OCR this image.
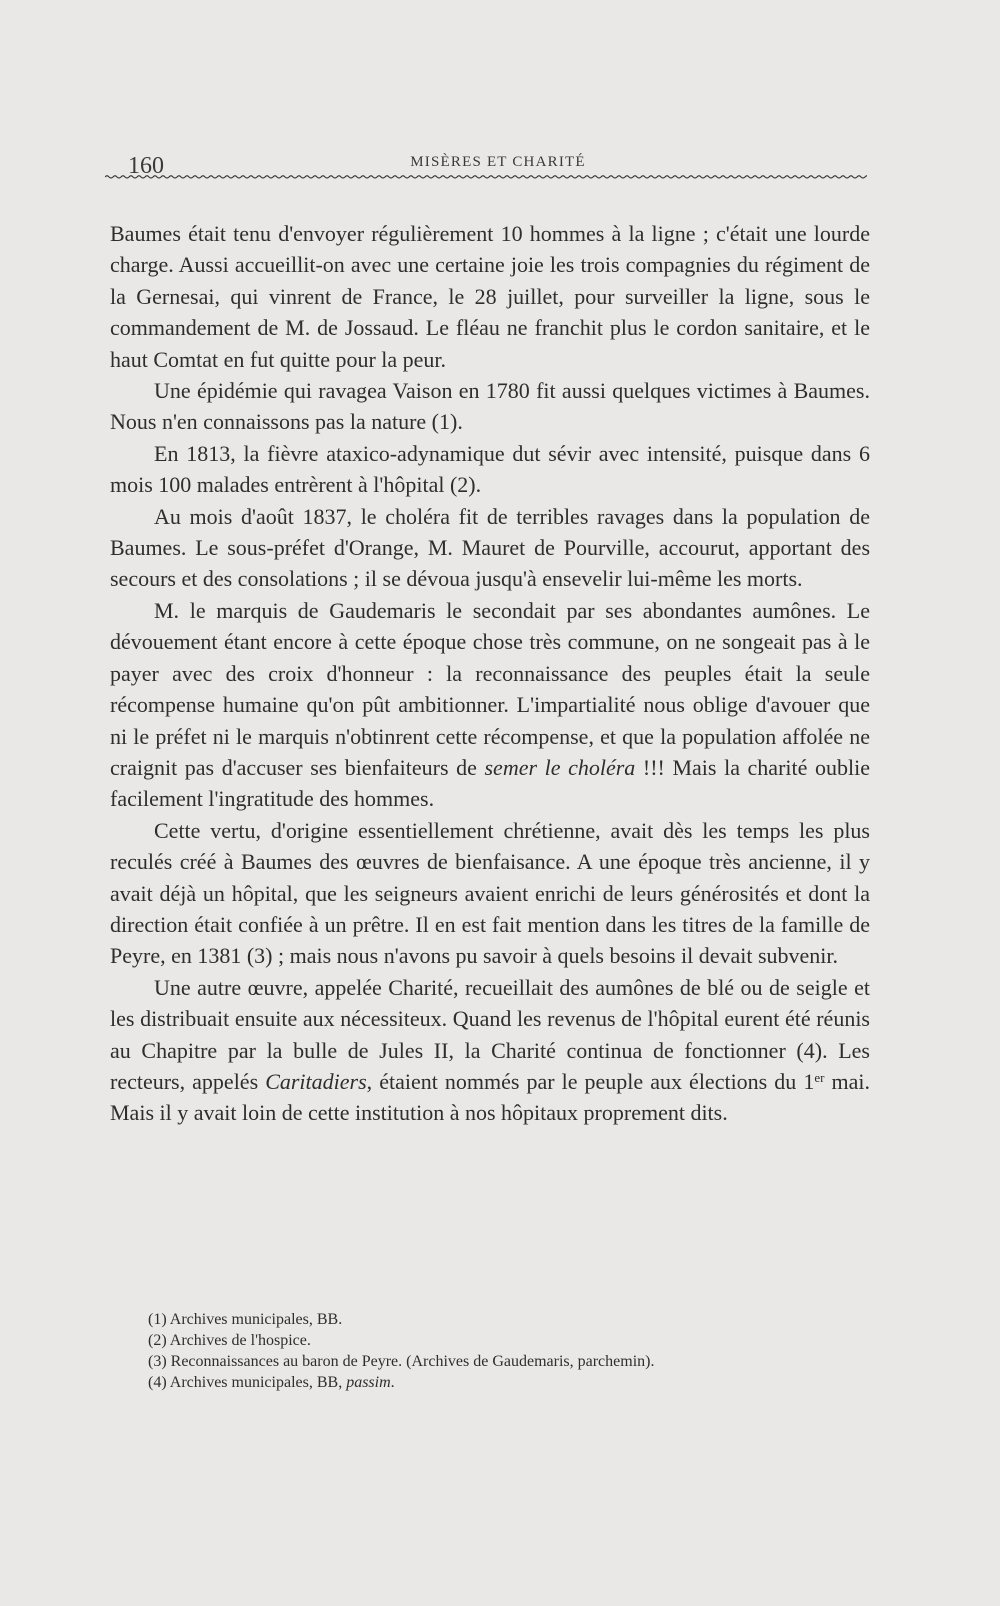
160	MISÈRES ET CHARITÉ

Baumes était tenu d'envoyer régulièrement 10 hommes à la ligne ; c'était une lourde charge. Aussi accueillit-on avec une certaine joie les trois compagnies du régiment de la Gernesai, qui vinrent de France, le 28 juillet, pour surveiller la ligne, sous le commandement de M. de Jossaud. Le fléau ne franchit plus le cordon sanitaire, et le haut Comtat en fut quitte pour la peur.

Une épidémie qui ravagea Vaison en 1780 fit aussi quelques victimes à Baumes. Nous n'en connaissons pas la nature (1).

En 1813, la fièvre ataxico-adynamique dut sévir avec intensité, puisque dans 6 mois 100 malades entrèrent à l'hôpital (2).

Au mois d'août 1837, le choléra fit de terribles ravages dans la population de Baumes. Le sous-préfet d'Orange, M. Mauret de Pourville, accourut, apportant des secours et des consolations ; il se dévoua jusqu'à ensevelir lui-même les morts.

M. le marquis de Gaudemaris le secondait par ses abondantes aumônes. Le dévouement étant encore à cette époque chose très commune, on ne songeait pas à le payer avec des croix d'honneur : la reconnaissance des peuples était la seule récompense humaine qu'on pût ambitionner. L'impartialité nous oblige d'avouer que ni le préfet ni le marquis n'obtinrent cette récompense, et que la population affolée ne craignit pas d'accuser ses bienfaiteurs de semer le choléra !!! Mais la charité oublie facilement l'ingratitude des hommes.

Cette vertu, d'origine essentiellement chrétienne, avait dès les temps les plus reculés créé à Baumes des œuvres de bienfaisance. A une époque très ancienne, il y avait déjà un hôpital, que les seigneurs avaient enrichi de leurs générosités et dont la direction était confiée à un prêtre. Il en est fait mention dans les titres de la famille de Peyre, en 1381 (3) ; mais nous n'avons pu savoir à quels besoins il devait subvenir.

Une autre œuvre, appelée Charité, recueillait des aumônes de blé ou de seigle et les distribuait ensuite aux nécessiteux. Quand les revenus de l'hôpital eurent été réunis au Chapitre par la bulle de Jules II, la Charité continua de fonctionner (4). Les recteurs, appelés Caritadiers, étaient nommés par le peuple aux élections du 1er mai. Mais il y avait loin de cette institution à nos hôpitaux proprement dits.

(1) Archives municipales, BB.
(2) Archives de l'hospice.
(3) Reconnaissances au baron de Peyre. (Archives de Gaudemaris, parchemin).
(4) Archives municipales, BB, passim.
